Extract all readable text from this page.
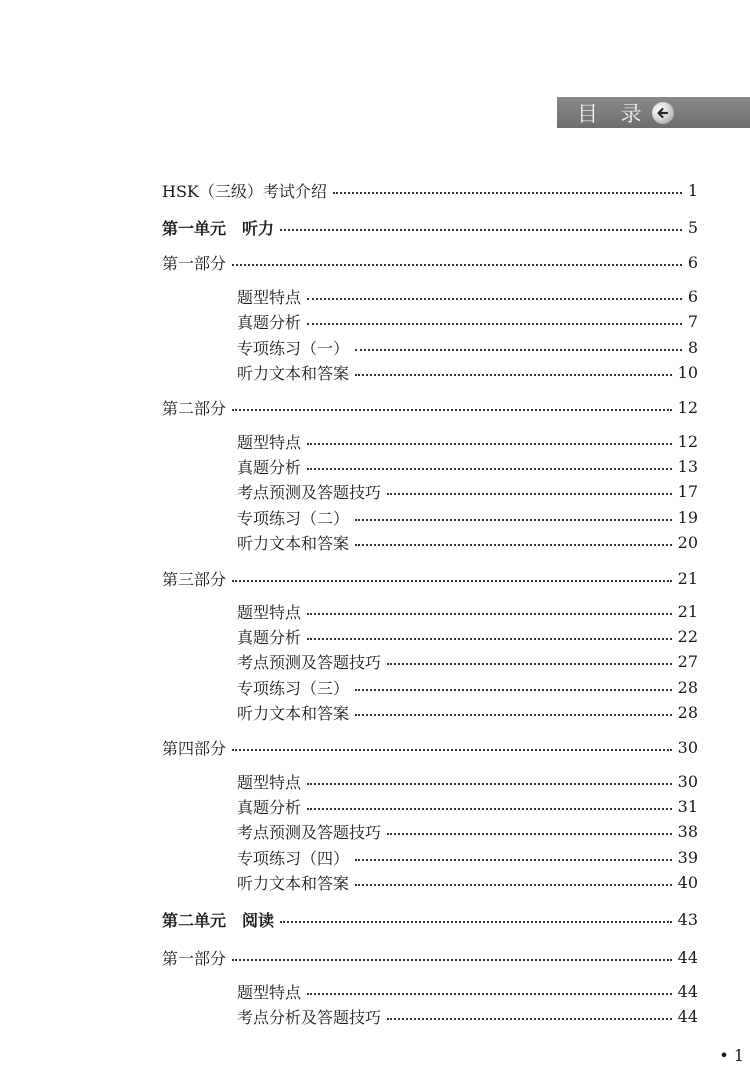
目 录
HSK（三级）考试介绍	1
第一单元　听力	5
第一部分	6
题型特点	6
真题分析	7
专项练习（一）	8
听力文本和答案	10
第二部分	12
题型特点	12
真题分析	13
考点预测及答题技巧	17
专项练习（二）	19
听力文本和答案	20
第三部分	21
题型特点	21
真题分析	22
考点预测及答题技巧	27
专项练习（三）	28
听力文本和答案	28
第四部分	30
题型特点	30
真题分析	31
考点预测及答题技巧	38
专项练习（四）	39
听力文本和答案	40
第二单元　阅读	43
第一部分	44
题型特点	44
考点分析及答题技巧	44
• 1
